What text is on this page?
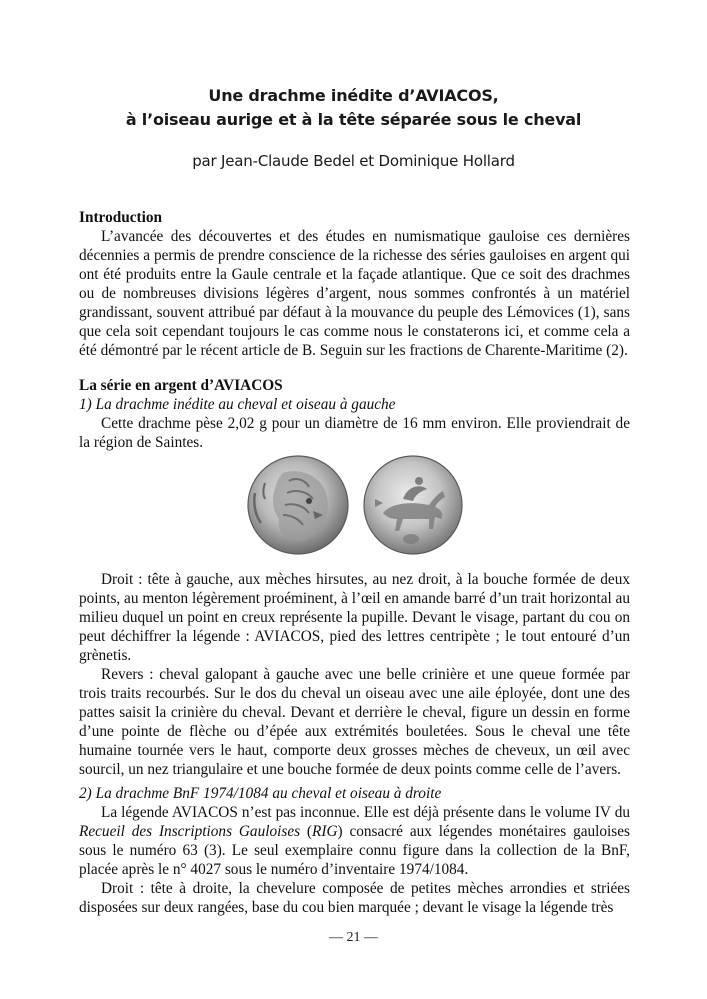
Une drachme inédite d’AVIACOS,
à l’oiseau aurige et à la tête séparée sous le cheval
par Jean-Claude Bedel et Dominique Hollard
Introduction

L’avancée des découvertes et des études en numismatique gauloise ces dernières décennies a permis de prendre conscience de la richesse des séries gauloises en argent qui ont été produits entre la Gaule centrale et la façade atlantique. Que ce soit des drachmes ou de nombreuses divisions légères d’argent, nous sommes confrontés à un matériel grandissant, souvent attribué par défaut à la mouvance du peuple des Lémovices (1), sans que cela soit cependant toujours le cas comme nous le constaterons ici, et comme cela a été démontré par le récent article de B. Seguin sur les fractions de Charente-Maritime (2).

La série en argent d’AVIACOS
1) La drachme inédite au cheval et oiseau à gauche

Cette drachme pèse 2,02 g pour un diamètre de 16 mm environ. Elle proviendrait de la région de Saintes.

Droit : tête à gauche, aux mèches hirsutes, au nez droit, à la bouche formée de deux points, au menton légèrement proéminent, à l’œil en amande barré d’un trait horizontal au milieu duquel un point en creux représente la pupille. Devant le visage, partant du cou on peut déchiffrer la légende : AVIACOS, pied des lettres centripète ; le tout entouré d’un grènetis.

Revers : cheval galopant à gauche avec une belle crinière et une queue formée par trois traits recourbés. Sur le dos du cheval un oiseau avec une aile éployée, dont une des pattes saisit la crinière du cheval. Devant et derrière le cheval, figure un dessin en forme d’une pointe de flèche ou d’épée aux extrémités bouletées. Sous le cheval une tête humaine tournée vers le haut, comporte deux grosses mèches de cheveux, un œil avec sourcil, un nez triangulaire et une bouche formée de deux points comme celle de l’avers.

2) La drachme BnF 1974/1084 au cheval et oiseau à droite

La légende AVIACOS n’est pas inconnue. Elle est déjà présente dans le volume IV du Recueil des Inscriptions Gauloises (RIG) consacré aux légendes monétaires gauloises sous le numéro 63 (3). Le seul exemplaire connu figure dans la collection de la BnF, placée après le n° 4027 sous le numéro d’inventaire 1974/1084.

Droit : tête à droite, la chevelure composée de petites mèches arrondies et striées disposées sur deux rangées, base du cou bien marquée ; devant le visage la légende très

— 21 —
